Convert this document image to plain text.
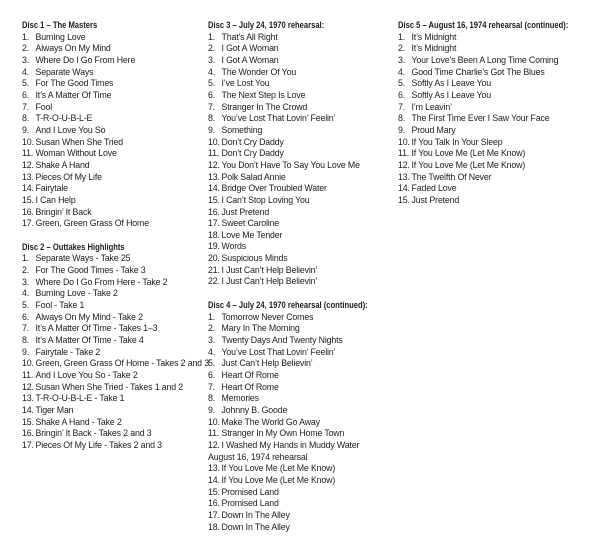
Disc 1 – The Masters
1. Burning Love
2. Always On My Mind
3. Where Do I Go From Here
4. Separate Ways
5. For The Good Times
6. It’s A Matter Of Time
7. Fool
8. T-R-O-U-B-L-E
9. And I Love You So
10. Susan When She Tried
11. Woman Without Love
12. Shake A Hand
13. Pieces Of My Life
14. Fairytale
15. I Can Help
16. Bringin’ It Back
17. Green, Green Grass Of Home
Disc 2 – Outtakes Highlights
1. Separate Ways - Take 25
2. For The Good Times - Take 3
3. Where Do I Go From Here - Take 2
4. Burning Love - Take 2
5. Fool - Take 1
6. Always On My Mind - Take 2
7. It’s A Matter Of Time - Takes 1–3
8. It’s A Matter Of Time - Take 4
9. Fairytale - Take 2
10. Green, Green Grass Of Home - Takes 2 and 3
11. And I Love You So - Take 2
12. Susan When She Tried - Takes 1 and 2
13. T-R-O-U-B-L-E - Take 1
14. Tiger Man
15. Shake A Hand - Take 2
16. Bringin’ It Back - Takes 2 and 3
17. Pieces Of My Life - Takes 2 and 3
Disc 3 – July 24, 1970 rehearsal:
1. That’s All Right
2. I Got A Woman
3. I Got A Woman
4. The Wonder Of You
5. I’ve Lost You
6. The Next Step Is Love
7. Stranger In The Crowd
8. You’ve Lost That Lovin’ Feelin’
9. Something
10. Don’t Cry Daddy
11. Don’t Cry Daddy
12. You Don’t Have To Say You Love Me
13. Polk Salad Annie
14. Bridge Over Troubled Water
15. I Can’t Stop Loving You
16. Just Pretend
17. Sweet Caroline
18. Love Me Tender
19. Words
20. Suspicious Minds
21. I Just Can’t Help Believin’
22. I Just Can’t Help Believin’
Disc 4 – July 24, 1970 rehearsal (continued):
1. Tomorrow Never Comes
2. Mary In The Morning
3. Twenty Days And Twenty Nights
4. You’ve Lost That Lovin’ Feelin’
5. Just Can’t Help Believin’
6. Heart Of Rome
7. Heart Of Rome
8. Memories
9. Johnny B. Goode
10. Make The World Go Away
11. Stranger In My Own Home Town
12. I Washed My Hands in Muddy Water
August 16, 1974 rehearsal
13. If You Love Me (Let Me Know)
14. If You Love Me (Let Me Know)
15. Promised Land
16. Promised Land
17. Down In The Alley
18. Down In The Alley
Disc 5 – August 16, 1974 rehearsal (continued):
1. It’s Midnight
2. It’s Midnight
3. Your Love’s Been A Long Time Coming
4. Good Time Charlie’s Got The Blues
5. Softly As I Leave You
6. Softly As I Leave You
7. I’m Leavin’
8. The First Time Ever I Saw Your Face
9. Proud Mary
10. If You Talk In Your Sleep
11. If You Love Me (Let Me Know)
12. If You Love Me (Let Me Know)
13. The Twelfth Of Never
14. Faded Love
15. Just Pretend
